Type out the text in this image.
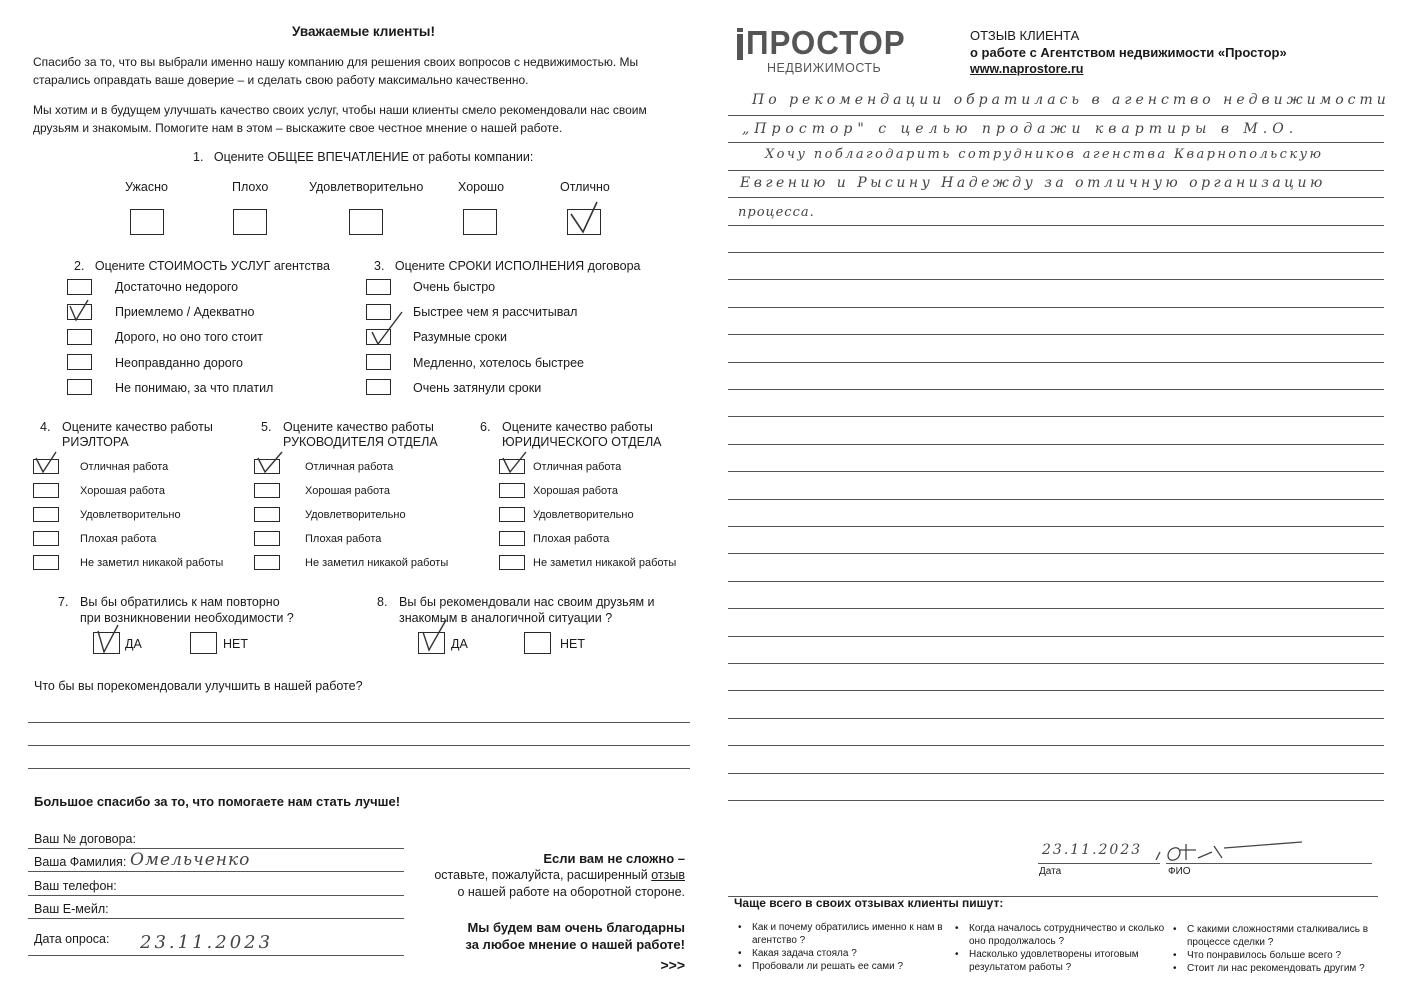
Уважаемые клиенты!
Спасибо за то, что вы выбрали именно нашу компанию для решения своих вопросов с недвижимостью. Мы старались оправдать ваше доверие – и сделать свою работу максимально качественно.
Мы хотим и в будущем улучшать качество своих услуг, чтобы наши клиенты смело рекомендовали нас своим друзьям и знакомым. Помогите нам в этом – выскажите свое честное мнение о нашей работе.
1. Оцените ОБЩЕЕ ВПЕЧАТЛЕНИЕ от работы компании:
Ужасно	Плохо	Удовлетворительно	Хорошо	Отлично
2. Оцените СТОИМОСТЬ УСЛУГ агентства
Достаточно недорого
Приемлемо / Адекватно
Дорого, но оно того стоит
Неоправданно дорого
Не понимаю, за что платил
3. Оцените СРОКИ ИСПОЛНЕНИЯ договора
Очень быстро
Быстрее чем я рассчитывал
Разумные сроки
Медленно, хотелось быстрее
Очень затянули сроки
4. Оцените качество работы
РИЭЛТОРА
Отличная работа
Хорошая работа
Удовлетворительно
Плохая работа
Не заметил никакой работы
5. Оцените качество работы
РУКОВОДИТЕЛЯ ОТДЕЛА
Отличная работа
Хорошая работа
Удовлетворительно
Плохая работа
Не заметил никакой работы
6. Оцените качество работы
ЮРИДИЧЕСКОГО ОТДЕЛА
Отличная работа
Хорошая работа
Удовлетворительно
Плохая работа
Не заметил никакой работы
7. Вы бы обратились к нам повторно
при возникновении необходимости ?
ДА	НЕТ
8. Вы бы рекомендовали нас своим друзьям и
знакомым в аналогичной ситуации ?
ДА	НЕТ
Что бы вы порекомендовали улучшить в нашей работе?
Большое спасибо за то, что помогаете нам стать лучше!
Ваш № договора:
Ваша Фамилия: Омельченко
Ваш телефон:
Ваш Е-мейл:
Дата опроса: 23.11.2023
Если вам не сложно –
оставьте, пожалуйста, расширенный отзыв
о нашей работе на оборотной стороне.
Мы будем вам очень благодарны
за любое мнение о нашей работе!
>>>
ПРОСТОР
НЕДВИЖИМОСТЬ
ОТЗЫВ КЛИЕНТА
о работе с Агентством недвижимости «Простор»
www.naprostore.ru
По рекомендации обратилась в агенство недвижимости
„Простор" с целью продажи квартиры в М.О.
Хочу поблагодарить сотрудников агенства Кварнопольскую
Евгению и Рысину Надежду за отличную организацию
процесса.
23.11.2023
Дата	ФИО
Чаще всего в своих отзывах клиенты пишут:
• Как и почему обратились именно к нам в агентство ?
• Какая задача стояла ?
• Пробовали ли решать ее сами ?
• Когда началось сотрудничество и сколько оно продолжалось ?
• Насколько удовлетворены итоговым результатом работы ?
• С какими сложностями сталкивались в процессе сделки ?
• Что понравилось больше всего ?
• Стоит ли нас рекомендовать другим ?
